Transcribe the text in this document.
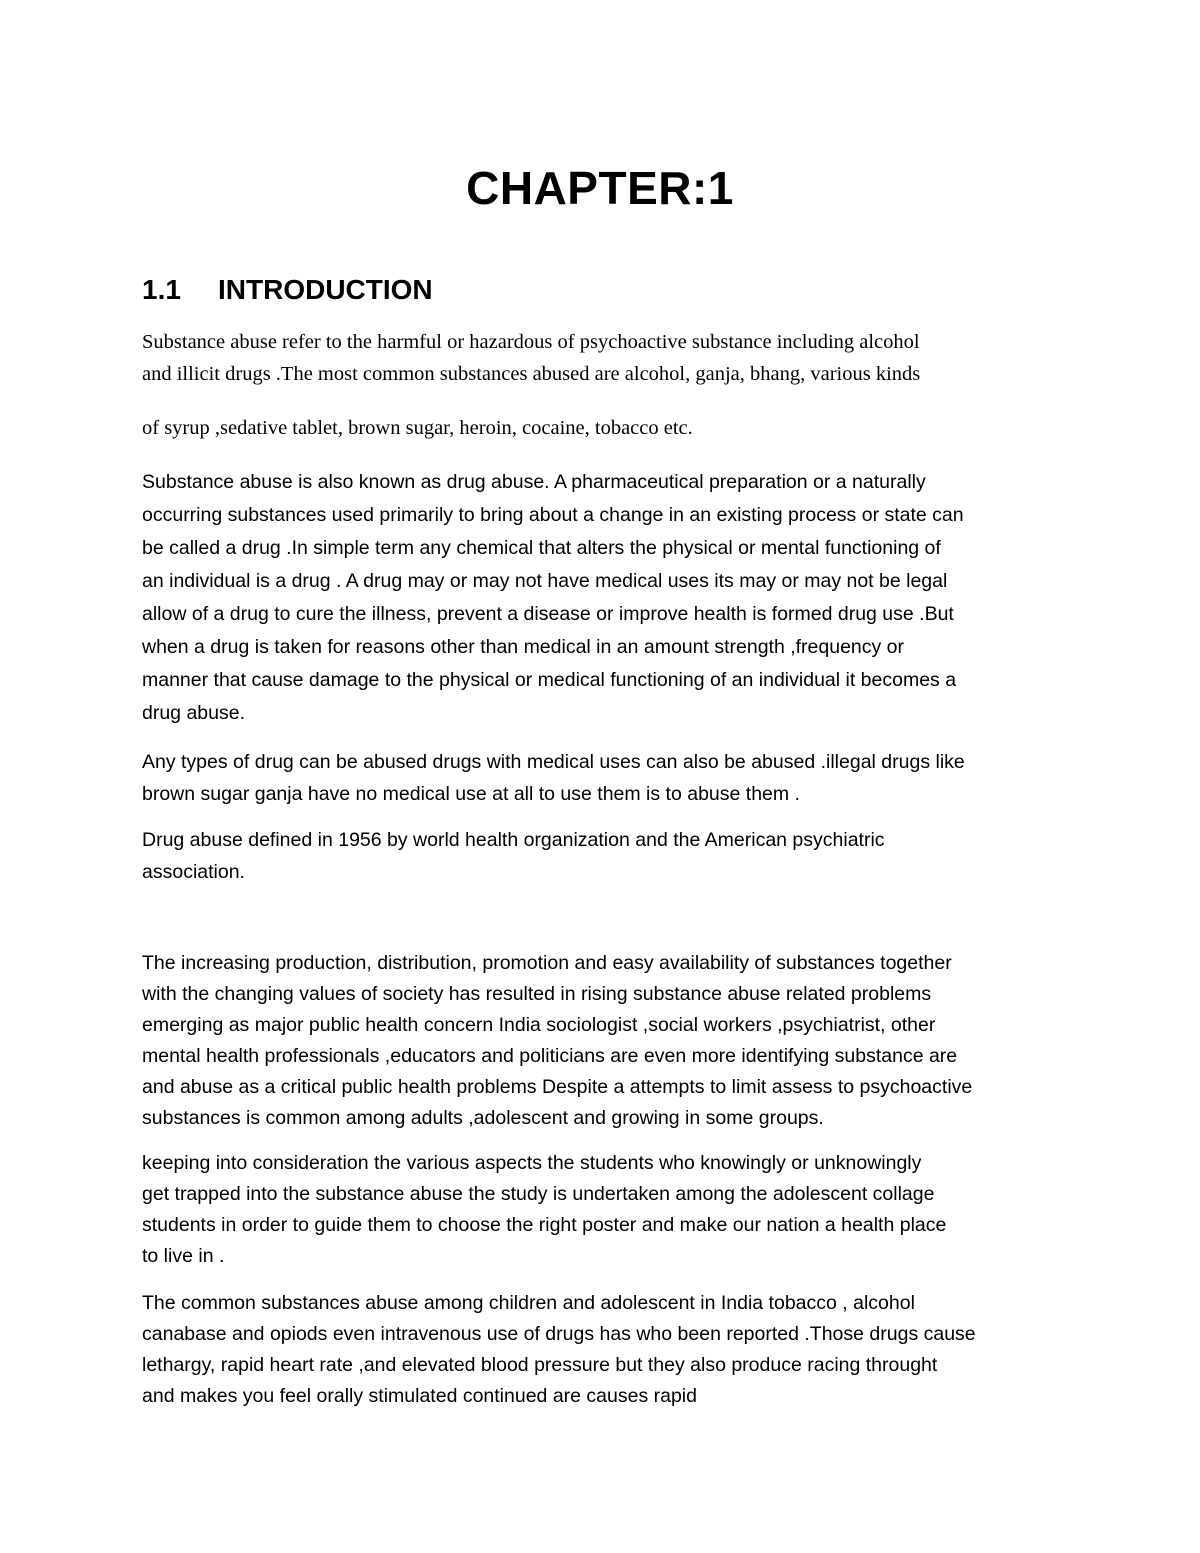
CHAPTER:1
1.1 INTRODUCTION
Substance abuse refer to the harmful or hazardous of psychoactive substance including alcohol
and illicit drugs .The most common substances abused are alcohol, ganja, bhang, various kinds
of syrup ,sedative tablet, brown sugar, heroin, cocaine, tobacco etc.
Substance abuse is also known as drug abuse. A pharmaceutical preparation or a naturally
occurring substances used primarily to bring about a change in an existing process or state can
be called a drug .In simple term any chemical that alters the physical or mental functioning of
an individual is a drug . A drug may or may not have medical uses its may or may not be legal
allow of a drug to cure the illness, prevent a disease or improve health is formed drug use .But
when a drug is taken for reasons other than medical in an amount strength ,frequency or
manner that cause damage to the physical or medical functioning of an individual it becomes a
drug abuse.
Any types of drug can be abused drugs with medical uses can also be abused .illegal drugs like
brown sugar ganja have no medical use at all to use them is to abuse them .
Drug abuse defined in 1956 by world health organization and the American psychiatric
association.
The increasing production, distribution, promotion and easy availability of substances together
with the changing values of society has resulted in rising substance abuse related problems
emerging as major public health concern India sociologist ,social workers ,psychiatrist, other
mental health professionals ,educators and politicians are even more identifying substance are
and abuse as a critical public health problems Despite a attempts to limit assess to psychoactive
substances is common among adults ,adolescent and growing in some groups.
keeping into consideration the various aspects the students who knowingly or unknowingly
get trapped into the substance abuse the study is undertaken among the adolescent collage
students in order to guide them to choose the right poster and make our nation a health place
to live in .
The common substances abuse among children and adolescent in India tobacco , alcohol
canabase and opiods even intravenous use of drugs has who been reported .Those drugs cause
lethargy, rapid heart rate ,and elevated blood pressure but they also produce racing throught
and makes you feel orally stimulated continued are causes rapid
